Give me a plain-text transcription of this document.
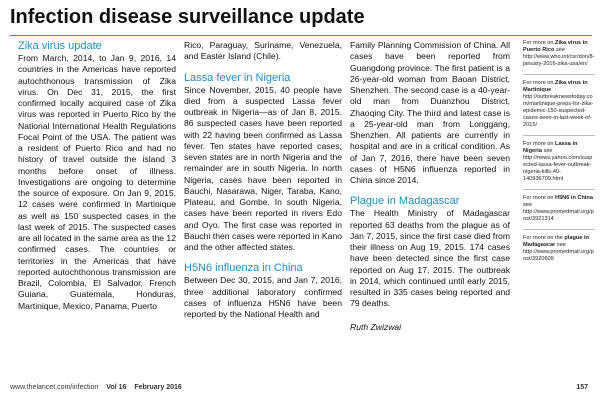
Infection disease surveillance update
Zika virus update

From March, 2014, to Jan 9, 2016, 14 countries in the Americas have reported autochthonous transmission of Zika virus. On Dec 31, 2015, the first confirmed locally acquired case of Zika virus was reported in Puerto Rico by the National International Health Regulations Focal Point of the USA. The patient was a resident of Puerto Rico and had no history of travel outside the island 3 months before onset of illness. Investigations are ongoing to determine the source of exposure. On Jan 9, 2015, 12 cases were confirmed in Martinique as well as 150 suspected cases in the last week of 2015. The suspected cases are all located in the same area as the 12 confirmed cases. The countries or territories in the Americas that have reported autochthonous transmission are Brazil, Colombia, El Salvador, French Guiana, Guatemala, Honduras, Martinique, Mexico, Panama, Puerto

Rico, Paraguay, Suriname, Venezuela, and Easter Island (Chile).

Lassa fever in Nigeria

Since November, 2015, 40 people have died from a suspected Lassa fever outbreak in Nigeria—as of Jan 8, 2015. 86 suspected cases have been reported with 22 having been confirmed as Lassa fever. Ten states have reported cases; seven states are in north Nigeria and the remainder are in south Nigeria. In north Nigeria, cases have been reported in Bauchi, Nasarawa, Niger, Taraba, Kano, Plateau, and Gombe. In south Nigeria, cases have been reported in rivers Edo and Oyo. The first case was reported in Bauchi then cases were reported in Kano and the other affected states.

H5N6 influenza in China

Between Dec 30, 2015, and Jan 7, 2016, three additional laboratory confirmed cases of influenza H5N6 have been reported by the National Health and

Family Planning Commission of China. All cases have been reported from Guangdong province. The first patient is a 26-year-old woman from Baoan District, Shenzhen. The second case is a 40-year-old man from Duanzhou District, Zhaoqing City. The third and latest case is a 25-year-old man from Longgang, Shenzhen. All patients are currently in hospital and are in a critical condition. As of Jan 7, 2016, there have been seven cases of H5N6 influenza reported in China since 2014.

Plague in Madagascar

The Health Ministry of Madagascar reported 63 deaths from the plague as of Jan 7, 2015, since the first case died from their illness on Aug 19, 2015. 174 cases have been detected since the first case reported on Aug 17, 2015. The outbreak in 2014, which continued until early 2015, resulted in 335 cases being reported and 79 deaths.

Ruth Zwizwai

For more on Zika virus in Puerto Rico see http://www.who.int/csr/don/8-january-2016-zika-usa/en/

For more on Zika virus in Martinique http://outbreaknewstoday.com/martinique-preps-for-zika-epidemic-150-suspected-cases-seen-in-last-week-of-2015/

For more on Lassa in Nigeria see http://news.yahoo.com/suspected-lassa-fever-outbreak-nigeria-kills-40-140936709.html

For more on H5N6 in China see http://www.promedmail.org/post/3921314

For more on the plague in Madagascar see http://www.promedmail.org/post/3920609

www.thelancet.com/infection Vol 16 February 2016	157
